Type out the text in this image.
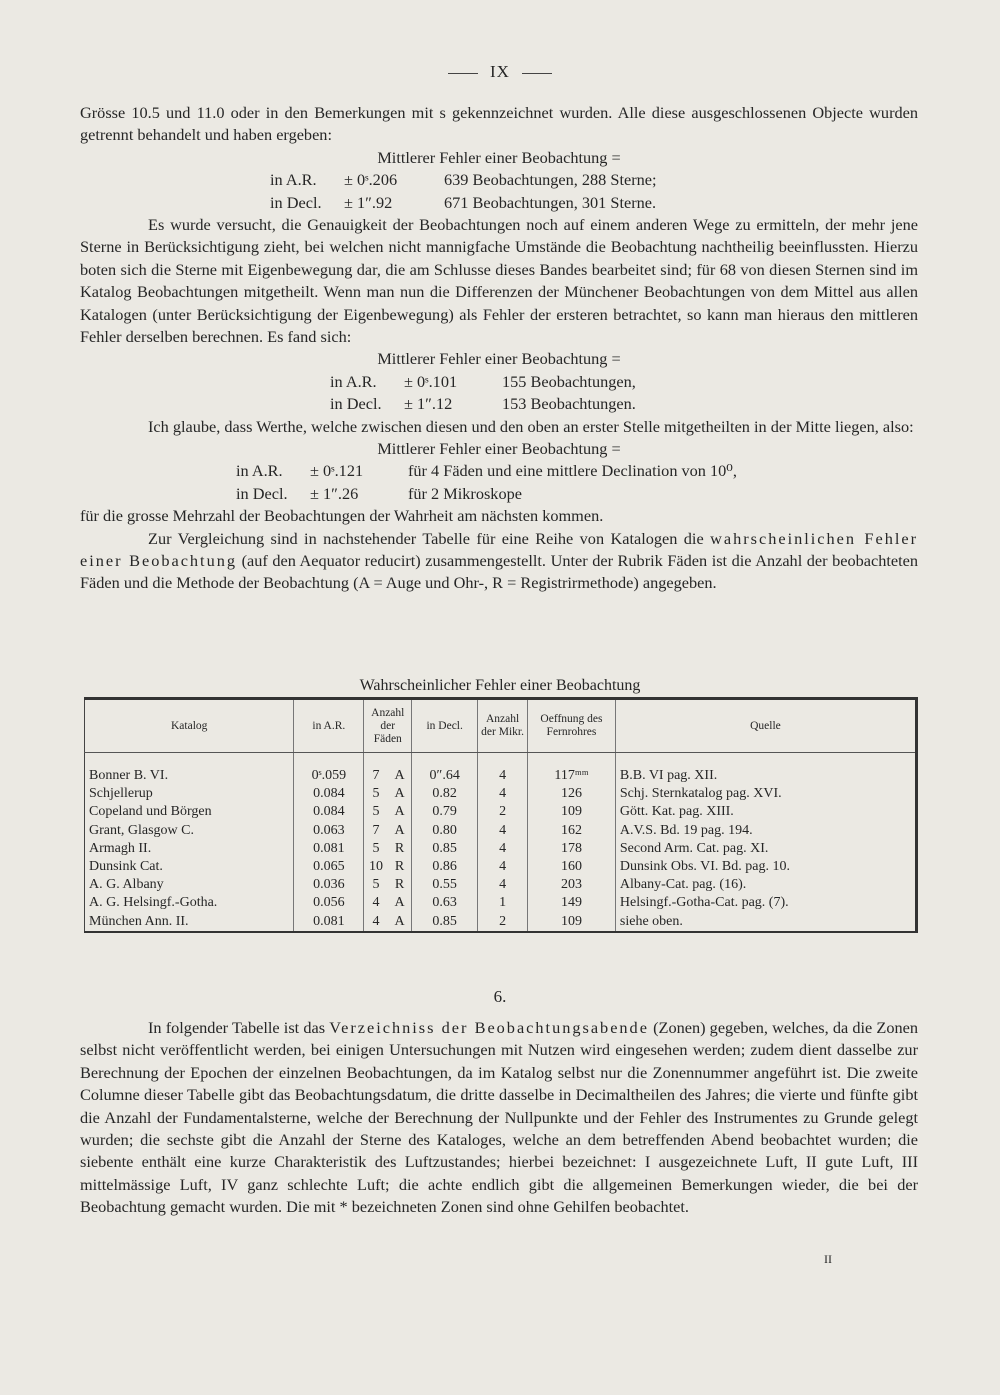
IX

Grösse 10.5 und 11.0 oder in den Bemerkungen mit s gekennzeichnet wurden. Alle diese ausgeschlossenen Objecte wurden getrennt behandelt und haben ergeben:

Mittlerer Fehler einer Beobachtung =

in A.R. ± 0ˢ.206	639 Beobachtungen, 288 Sterne;
in Decl. ± 1″.92	671 Beobachtungen, 301 Sterne.

Es wurde versucht, die Genauigkeit der Beobachtungen noch auf einem anderen Wege zu ermitteln, der mehr jene Sterne in Berücksichtigung zieht, bei welchen nicht mannigfache Umstände die Beobachtung nachtheilig beeinflussten. Hierzu boten sich die Sterne mit Eigenbewegung dar, die am Schlusse dieses Bandes bearbeitet sind; für 68 von diesen Sternen sind im Katalog Beobachtungen mitgetheilt. Wenn man nun die Differenzen der Münchener Beobachtungen von dem Mittel aus allen Katalogen (unter Berücksichtigung der Eigenbewegung) als Fehler der ersteren betrachtet, so kann man hieraus den mittleren Fehler derselben berechnen. Es fand sich:

Mittlerer Fehler einer Beobachtung =

in A.R. ± 0ˢ.101	155 Beobachtungen,
in Decl. ± 1″.12	153 Beobachtungen.

Ich glaube, dass Werthe, welche zwischen diesen und den oben an erster Stelle mitgetheilten in der Mitte liegen, also:

Mittlerer Fehler einer Beobachtung =

in A.R. ± 0ˢ.121	für 4 Fäden und eine mittlere Declination von 10⁰,
in Decl. ± 1″.26	für 2 Mikroskope

für die grosse Mehrzahl der Beobachtungen der Wahrheit am nächsten kommen.

Zur Vergleichung sind in nachstehender Tabelle für eine Reihe von Katalogen die wahrscheinlichen Fehler einer Beobachtung (auf den Aequator reducirt) zusammengestellt. Unter der Rubrik Fäden ist die Anzahl der beobachteten Fäden und die Methode der Beobachtung (A = Auge und Ohr-, R = Registrirmethode) angegeben.

Wahrscheinlicher Fehler einer Beobachtung
Katalog	in A.R.	Anzahl der Fäden		in Decl.	Anzahl der Mikr.	Oeffnung des Fernrohres	Quelle
Bonner B. VI.	0ˢ.059	7	A	0″.64	4	117ᵐᵐ	B.B. VI pag. XII.
Schjellerup	0.084	5	A	0.82	4	126	Schj. Sternkatalog pag. XVI.
Copeland und Börgen	0.084	5	A	0.79	2	109	Gött. Kat. pag. XIII.
Grant, Glasgow C.	0.063	7	A	0.80	4	162	A.V.S. Bd. 19 pag. 194.
Armagh II.	0.081	5	R	0.85	4	178	Second Arm. Cat. pag. XI.
Dunsink Cat.	0.065	10	R	0.86	4	160	Dunsink Obs. VI. Bd. pag. 10.
A. G. Albany	0.036	5	R	0.55	4	203	Albany-Cat. pag. (16).
A. G. Helsingf.-Gotha.	0.056	4	A	0.63	1	149	Helsingf.-Gotha-Cat. pag. (7).
München Ann. II.	0.081	4	A	0.85	2	109	siehe oben.
6.

In folgender Tabelle ist das Verzeichniss der Beobachtungsabende (Zonen) gegeben, welches, da die Zonen selbst nicht veröffentlicht werden, bei einigen Untersuchungen mit Nutzen wird eingesehen werden; zudem dient dasselbe zur Berechnung der Epochen der einzelnen Beobachtungen, da im Katalog selbst nur die Zonennummer angeführt ist. Die zweite Columne dieser Tabelle gibt das Beobachtungsdatum, die dritte dasselbe in Decimaltheilen des Jahres; die vierte und fünfte gibt die Anzahl der Fundamentalsterne, welche der Berechnung der Nullpunkte und der Fehler des Instrumentes zu Grunde gelegt wurden; die sechste gibt die Anzahl der Sterne des Kataloges, welche an dem betreffenden Abend beobachtet wurden; die siebente enthält eine kurze Charakteristik des Luftzustandes; hierbei bezeichnet: I ausgezeichnete Luft, II gute Luft, III mittelmässige Luft, IV ganz schlechte Luft; die achte endlich gibt die allgemeinen Bemerkungen wieder, die bei der Beobachtung gemacht wurden. Die mit * bezeichneten Zonen sind ohne Gehilfen beobachtet.

II
